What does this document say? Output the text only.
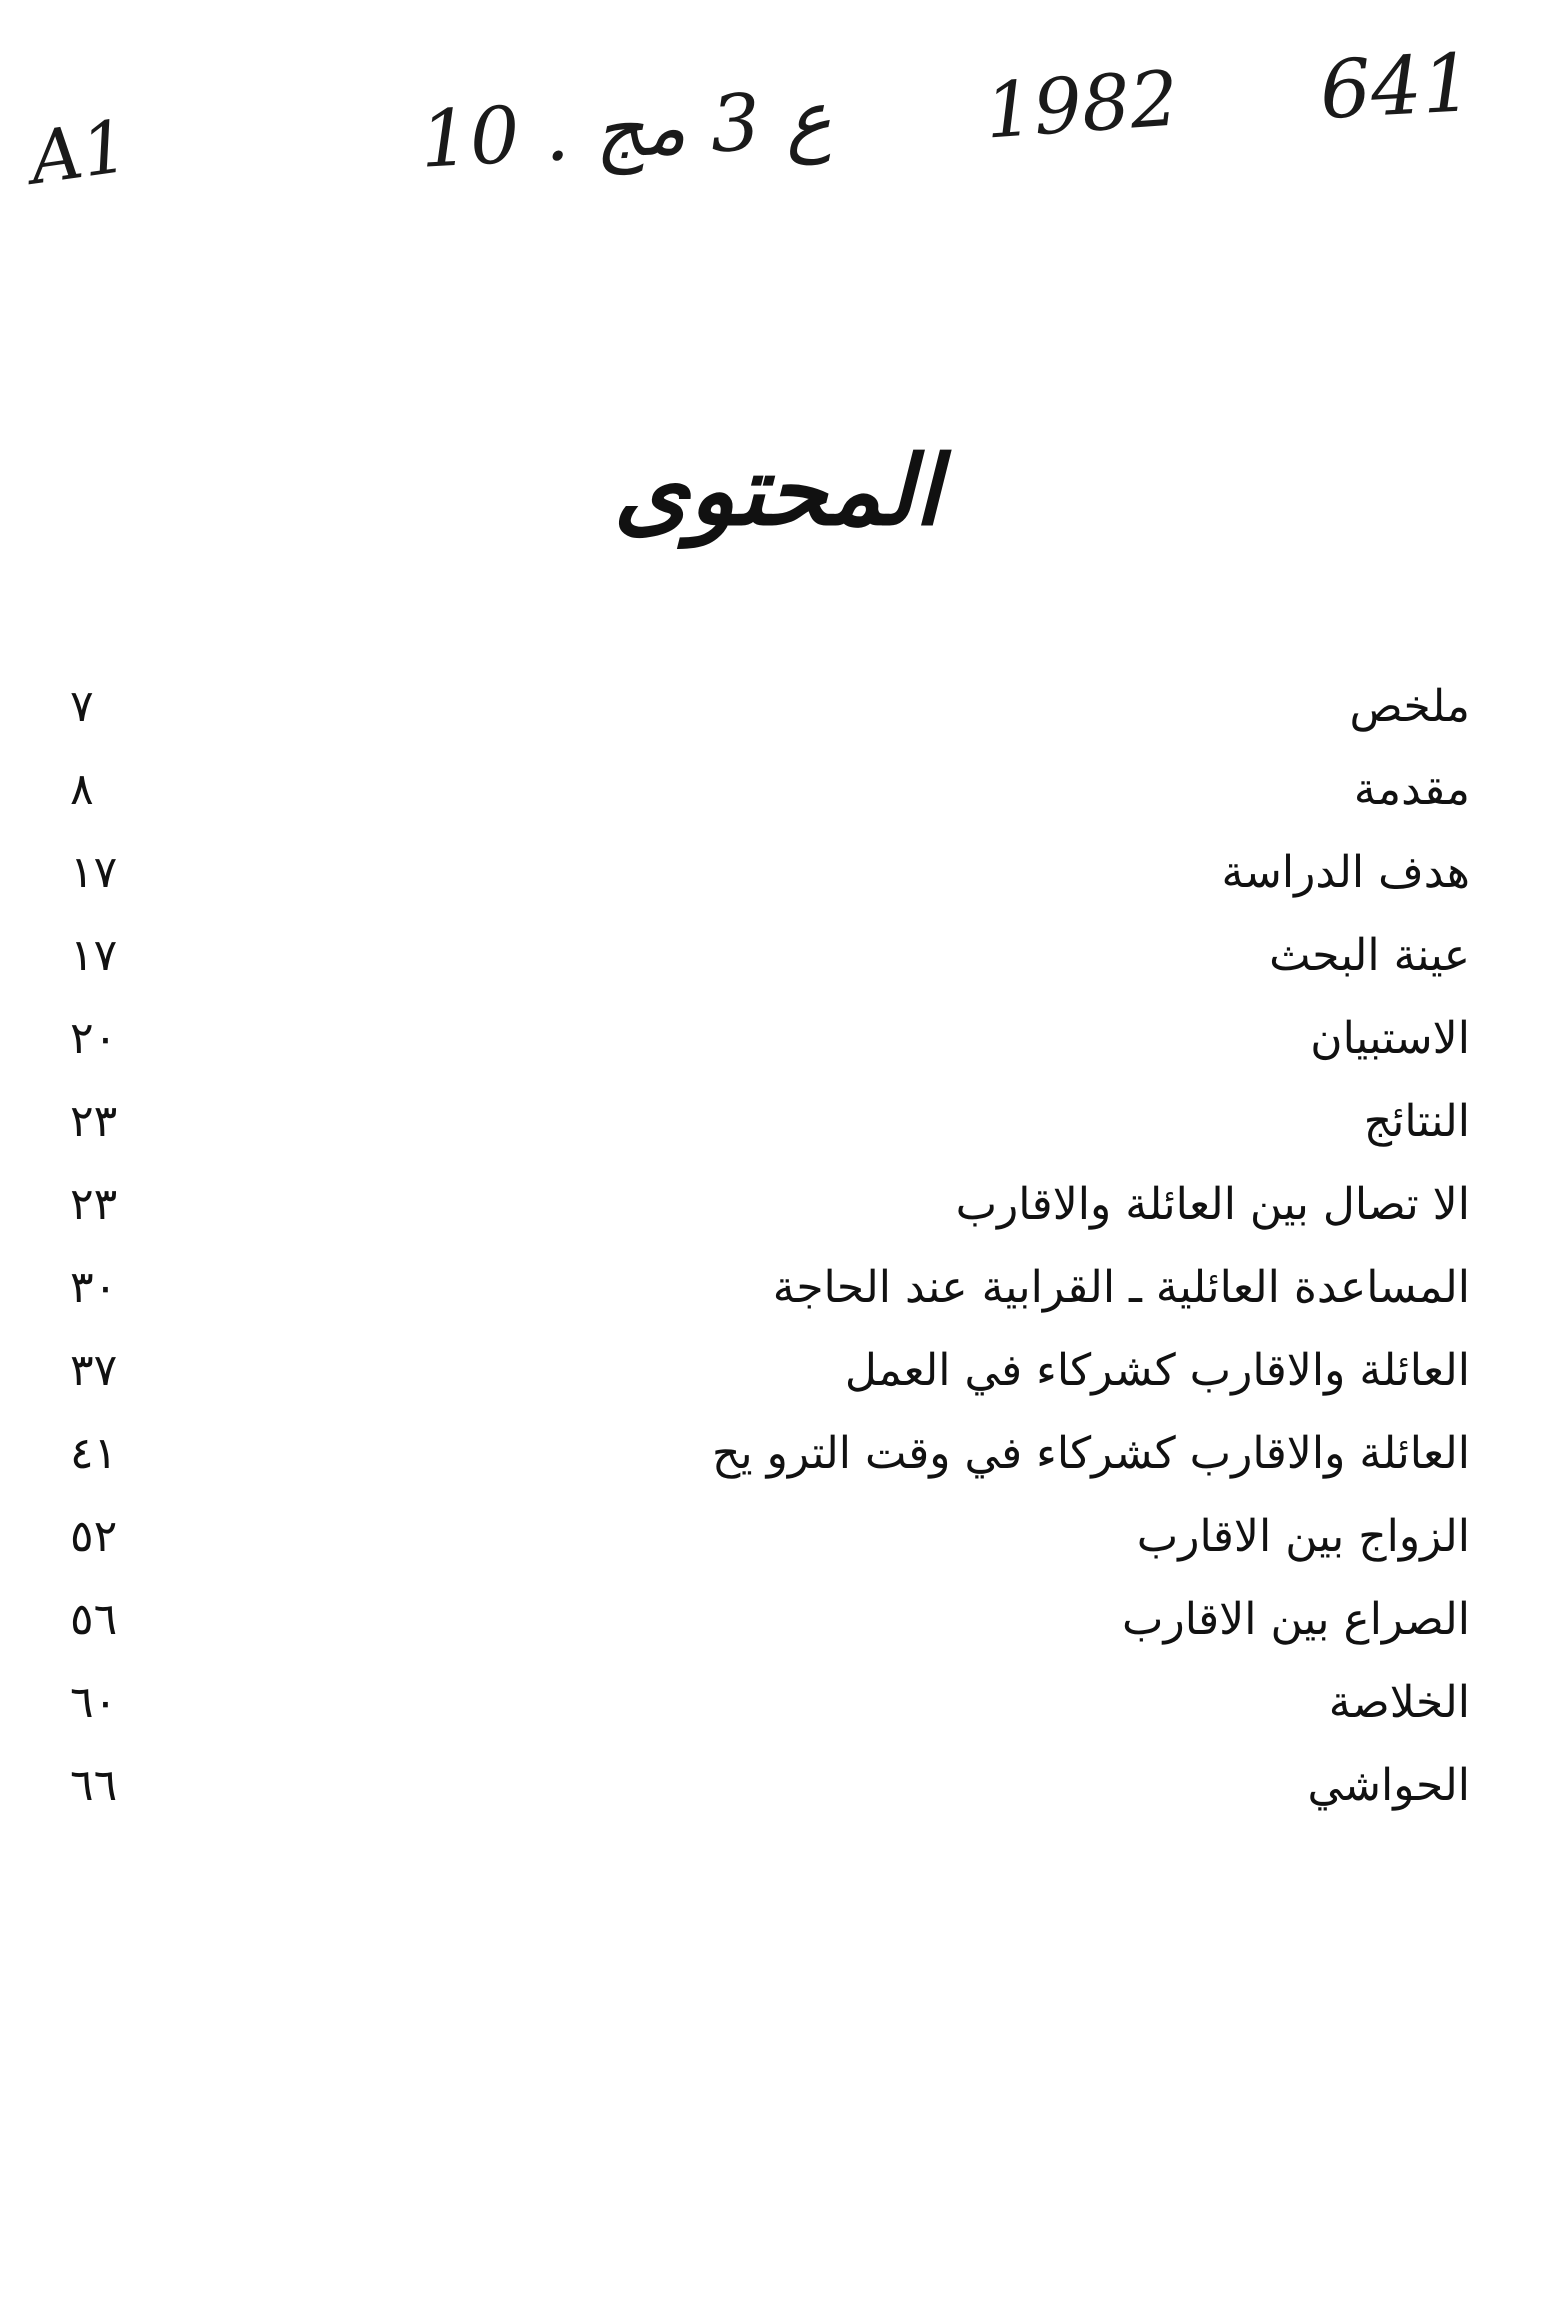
A1	10 . ع 3 مج 1982 641
المحتوى
ملخص
٧
مقدمة
٨
هدف الدراسة
١٧
عينة البحث
١٧
الاستبيان
٢٠
النتائج
٢٣
الا تصال بين العائلة والاقارب
٢٣
المساعدة العائلية ـ القرابية عند الحاجة
٣٠
العائلة والاقارب كشركاء في العمل
٣٧
العائلة والاقارب كشركاء في وقت الترو يح
٤١
الزواج بين الاقارب
٥٢
الصراع بين الاقارب
٥٦
الخلاصة
٦٠
الحواشي
٦٦
